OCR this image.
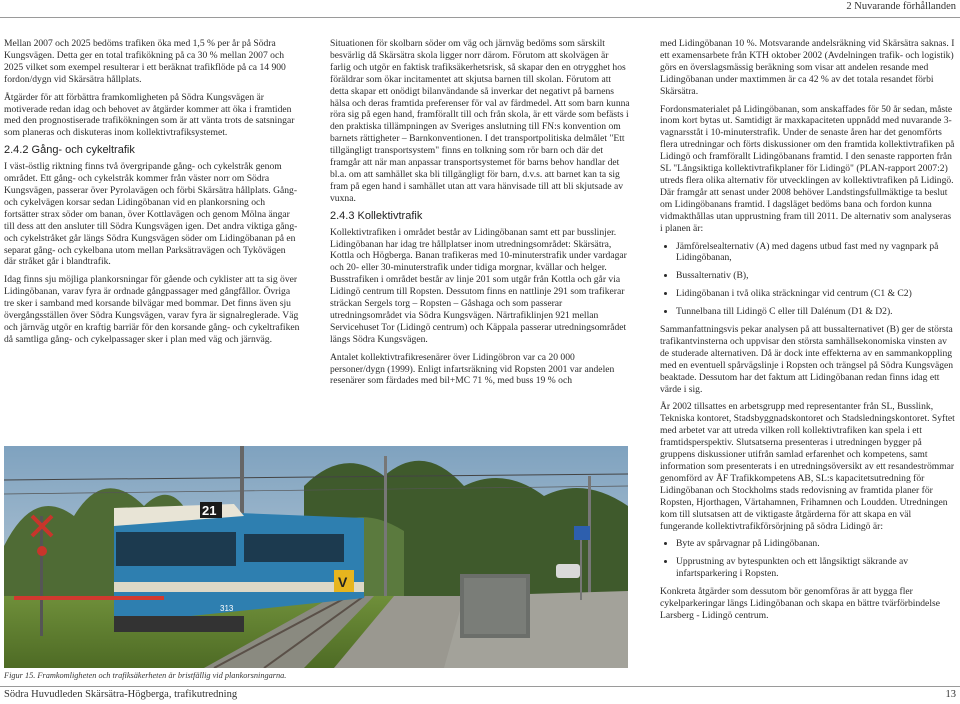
2 Nuvarande förhållanden

Mellan 2007 och 2025 bedöms trafiken öka med 1,5 % per år på Södra Kungsvägen. Detta ger en total trafikökning på ca 30 % mellan 2007 och 2025 vilket som exempel resulterar i ett beräknat trafikflöde på ca 14 900 fordon/dygn vid Skärsätra hållplats.

Åtgärder för att förbättra framkomligheten på Södra Kungsvägen är motiverade redan idag och behovet av åtgärder kommer att öka i framtiden med den prognostiserade trafikökningen som är att vänta trots de satsningar som planeras och diskuteras inom kollektivtrafiksystemet.

2.4.2 Gång- och cykeltrafik

I väst-östlig riktning finns två övergripande gång- och cykelstråk genom området. Ett gång- och cykelstråk kommer från väster norr om Södra Kungsvägen, passerar över Pyrolavägen och förbi Skärsätra hållplats. Gång- och cykelvägen korsar sedan Lidingöbanan vid en plankorsning och fortsätter strax söder om banan, över Kottlavägen och genom Mölna ängar till dess att den ansluter till Södra Kungsvägen igen. Det andra viktiga gång- och cykelstråket går längs Södra Kungsvägen söder om Lidingöbanan på en separat gång- och cykelbana utom mellan Parksätravägen och Tykövägen där stråket går i blandtrafik.

Idag finns sju möjliga plankorsningar för gående och cyklister att ta sig över Lidingöbanan, varav fyra är ordnade gångpassager med gångfållor. Övriga tre sker i samband med korsande bilvägar med bommar. Det finns även sju övergångsställen över Södra Kungsvägen, varav fyra är signalreglerade. Väg och järnväg utgör en kraftig barriär för den korsande gång- och cykeltrafiken då samtliga gång- och cykelpassager sker i plan med väg och järnväg.

Situationen för skolbarn söder om väg och järnväg bedöms som särskilt besvärlig då Skärsätra skola ligger norr därom. Förutom att skolvägen är farlig och utgör en faktisk trafiksäkerhetsrisk, så skapar den en otrygghet hos föräldrar som ökar incitamentet att skjutsa barnen till skolan. Förutom att detta skapar ett onödigt bilanvändande så inverkar det negativt på barnens hälsa och deras framtida preferenser för val av färdmedel. Att som barn kunna röra sig på egen hand, framförallt till och från skola, är ett värde som befästs i den praktiska tillämpningen av Sveriges anslutning till FN:s konvention om barnets rättigheter – Barnkonventionen. I det transportpolitiska delmålet "Ett tillgängligt transportsystem" finns en tolkning som rör barn och där det framgår att när man anpassar transportsystemet för barns behov handlar det bl.a. om att samhället ska bli tillgängligt för barn, d.v.s. att barnet kan ta sig fram på egen hand i samhället utan att vara hänvisade till att bli skjutsade av vuxna.

2.4.3 Kollektivtrafik

Kollektivtrafiken i området består av Lidingöbanan samt ett par busslinjer. Lidingöbanan har idag tre hållplatser inom utredningsområdet: Skärsätra, Kottla och Högberga. Banan trafikeras med 10-minuterstrafik under vardagar och 20- eller 30-minuterstrafik under tidiga morgnar, kvällar och helger. Busstrafiken i området består av linje 201 som utgår från Kottla och går via Lidingö centrum till Ropsten. Dessutom finns en nattlinje 291 som trafikerar sträckan Sergels torg – Ropsten – Gåshaga och som passerar utredningsområdet via Södra Kungsvägen. Närtrafiklinjen 921 mellan Servicehuset Tor (Lidingö centrum) och Käppala passerar utredningsområdet längs Södra Kungsvägen.

Antalet kollektivtrafikresenärer över Lidingöbron var ca 20 000 personer/dygn (1999). Enligt infartsräkning vid Ropsten 2001 var andelen resenärer som färdades med bil+MC 71 %, med buss 19 % och

med Lidingöbanan 10 %. Motsvarande andelsräkning vid Skärsätra saknas. I ett examensarbete från KTH oktober 2002 (Avdelningen trafik- och logistik) görs en överslagsmässig beräkning som visar att andelen resande med Lidingöbanan under maxtimmen är ca 42 % av det totala resandet förbi Skärsätra.

Fordonsmaterialet på Lidingöbanan, som anskaffades för 50 år sedan, måste inom kort bytas ut. Samtidigt är maxkapaciteten uppnådd med nuvarande 3-vagnarsståt i 10-minuterstrafik. Under de senaste åren har det genomförts flera utredningar och förts diskussioner om den framtida kollektivtrafiken på Lidingö och framförallt Lidingöbanans framtid. I den senaste rapporten från SL "Långsiktiga kollektivtrafikplaner för Lidingö" (PLAN-rapport 2007:2) utreds flera olika alternativ för utvecklingen av kollektivtrafiken på Lidingö. Där framgår att senast under 2008 behöver Landstingsfullmäktige ta beslut om Lidingöbanans framtid. I dagsläget bedöms bana och fordon kunna vidmakthållas utan upprustning fram till 2011. De alternativ som analyseras i planen är:

• Jämförelsealternativ (A) med dagens utbud fast med ny vagnpark på Lidingöbanan,
• Bussalternativ (B),
• Lidingöbanan i två olika sträckningar vid centrum (C1 & C2)
• Tunnelbana till Lidingö C eller till Dalénum (D1 & D2).

Sammanfattningsvis pekar analysen på att bussalternativet (B) ger de största trafikantvinsterna och uppvisar den största samhällsekonomiska vinsten av de studerade alternativen. Då är dock inte effekterna av en sammankoppling med en eventuell spårvägslinje i Ropsten och trängsel på Södra Kungsvägen beaktade. Dessutom har det faktum att Lidingöbanan redan finns idag ett värde i sig.

År 2002 tillsattes en arbetsgrupp med representanter från SL, Busslink, Tekniska kontoret, Stadsbyggnadskontoret och Stadsledningskontoret. Syftet med arbetet var att utreda vilken roll kollektivtrafiken kan spela i ett framtidsperspektiv. Slutsatserna presenteras i utredningen bygger på gruppens diskussioner utifrån samlad erfarenhet och kompetens, samt information som presenterats i en utredningsöversikt av ett resandeströmmar genomförd av ÅF Trafikkompetens AB, SL:s kapacitetsutredning för Lidingöbanan och Stockholms stads redovisning av framtida planer för Ropsten, Hjorthagen, Värtahamnen, Frihamnen och Loudden. Utredningen kom till slutsatsen att de viktigaste åtgärderna för att skapa en väl fungerande kollektivtrafikförsörjning på södra Lidingö är:

• Byte av spårvagnar på Lidingöbanan.
• Upprustning av bytespunkten och ett långsiktigt säkrande av infartsparkering i Ropsten.

Konkreta åtgärder som dessutom bör genomföras är att bygga fler cykelparkeringar längs Lidingöbanan och skapa en bättre tvärförbindelse Larsberg - Lidingö centrum.

21
313
V
Figur 15. Framkomligheten och trafiksäkerheten är bristfällig vid plankorsningarna.
Södra Huvudleden Skärsätra-Högberga, trafikutredning	13
